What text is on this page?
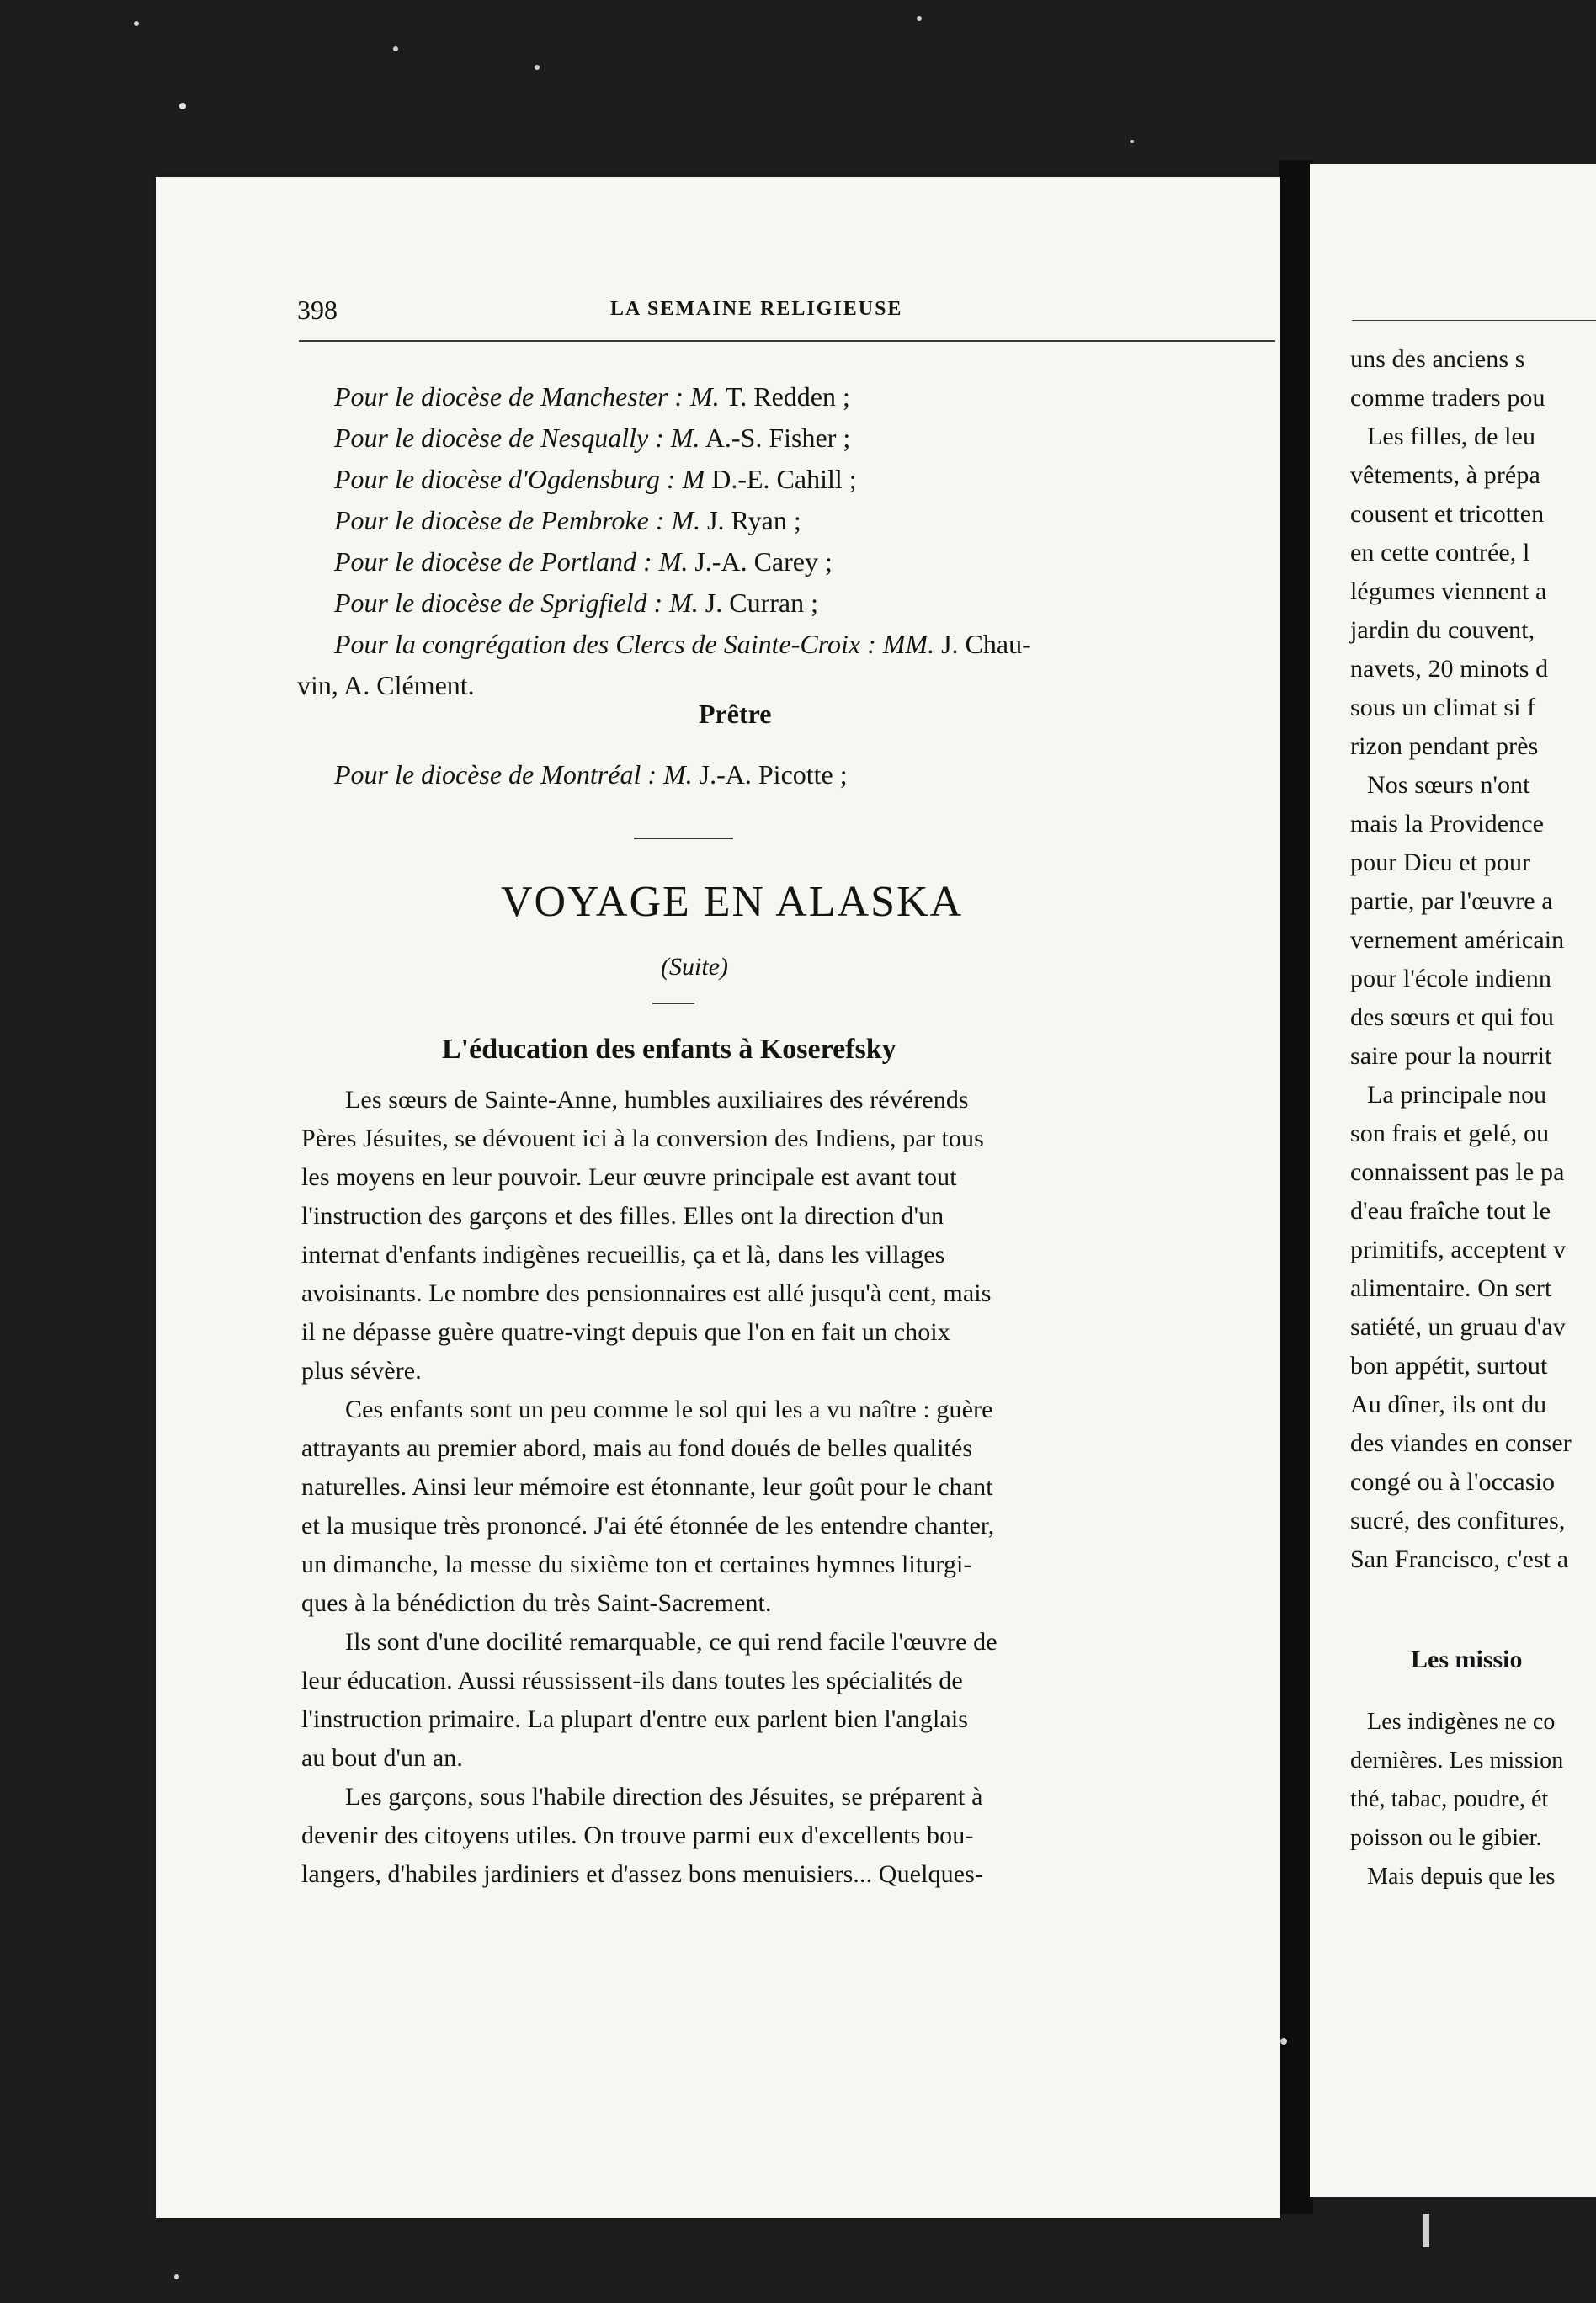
398	LA SEMAINE RELIGIEUSE
Pour le diocèse de Manchester : M. T. Redden ;
Pour le diocèse de Nesqually : M. A.-S. Fisher ;
Pour le diocèse d'Ogdensburg : M D.-E. Cahill ;
Pour le diocèse de Pembroke : M. J. Ryan ;
Pour le diocèse de Portland : M. J.-A. Carey ;
Pour le diocèse de Sprigfield : M. J. Curran ;
Pour la congrégation des Clercs de Sainte-Croix : MM. J. Chau-
vin, A. Clément.
Prêtre
Pour le diocèse de Montréal : M. J.-A. Picotte ;
VOYAGE EN ALASKA
(Suite)
L'éducation des enfants à Koserefsky
Les sœurs de Sainte-Anne, humbles auxiliaires des révérends
Pères Jésuites, se dévouent ici à la conversion des Indiens, par tous
les moyens en leur pouvoir. Leur œuvre principale est avant tout
l'instruction des garçons et des filles. Elles ont la direction d'un
internat d'enfants indigènes recueillis, ça et là, dans les villages
avoisinants. Le nombre des pensionnaires est allé jusqu'à cent, mais
il ne dépasse guère quatre-vingt depuis que l'on en fait un choix
plus sévère.
Ces enfants sont un peu comme le sol qui les a vu naître : guère
attrayants au premier abord, mais au fond doués de belles qualités
naturelles. Ainsi leur mémoire est étonnante, leur goût pour le chant
et la musique très prononcé. J'ai été étonnée de les entendre chanter,
un dimanche, la messe du sixième ton et certaines hymnes liturgi-
ques à la bénédiction du très Saint-Sacrement.
Ils sont d'une docilité remarquable, ce qui rend facile l'œuvre de
leur éducation. Aussi réussissent-ils dans toutes les spécialités de
l'instruction primaire. La plupart d'entre eux parlent bien l'anglais
au bout d'un an.
Les garçons, sous l'habile direction des Jésuites, se préparent à
devenir des citoyens utiles. On trouve parmi eux d'excellents bou-
langers, d'habiles jardiniers et d'assez bons menuisiers... Quelques-
uns des anciens s
comme traders pou
Les filles, de leu
vêtements, à prépa
cousent et tricotten
en cette contrée, l
légumes viennent a
jardin du couvent,
navets, 20 minots d
sous un climat si f
rizon pendant près
Nos sœurs n'ont
mais la Providence
pour Dieu et pour
partie, par l'œuvre a
vernement américain
pour l'école indienn
des sœurs et qui fou
saire pour la nourrit
La principale nou
son frais et gelé, ou
connaissent pas le pa
d'eau fraîche tout le
primitifs, acceptent v
alimentaire. On sert
satiété, un gruau d'av
bon appétit, surtout
Au dîner, ils ont du
des viandes en conser
congé ou à l'occasio
sucré, des confitures,
San Francisco, c'est a
Les indigènes ne co
dernières. Les mission
thé, tabac, poudre, ét
poisson ou le gibier.
Mais depuis que les
Les missio
